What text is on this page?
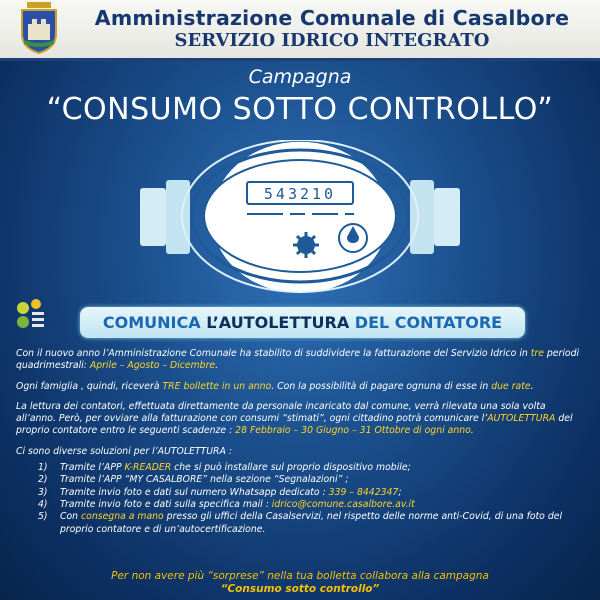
Amministrazione Comunale di Casalbore
SERVIZIO IDRICO INTEGRATO
Campagna
“CONSUMO SOTTO CONTROLLO”
543210
COMUNICA L’AUTOLETTURA DEL CONTATORE

Con il nuovo anno l’Amministrazione Comunale ha stabilito di suddividere la fatturazione del Servizio Idrico in tre periodi quadrimestrali: Aprile – Agosto – Dicembre.

Ogni famiglia , quindi, riceverà TRE bollette in un anno. Con la possibilità di pagare ognuna di esse in due rate.

La lettura dei contatori, effettuata direttamente da personale incaricato dal comune, verrà rilevata una sola volta all’anno. Però, per ovviare alla fatturazione con consumi “stimati”, ogni cittadino potrà comunicare l’AUTOLETTURA del proprio contatore entro le seguenti scadenze : 28 Febbraio – 30 Giugno – 31 Ottobre di ogni anno.

Ci sono diverse soluzioni per l’AUTOLETTURA :

1) Tramite l’APP K-READER che si può installare sul proprio dispositivo mobile;
2) Tramite l’APP “MY CASALBORE” nella sezione “Segnalazioni” ;
3) Tramite invio foto e dati sul numero Whatsapp dedicato : 339 – 8442347;
4) Tramite invio foto e dati sulla specifica mail : idrico@comune.casalbore.av.it
5) Con consegna a mano presso gli uffici della Casalservizi, nel rispetto delle norme anti-Covid, di una foto del proprio contatore e di un’autocertificazione.
Per non avere più “sorprese” nella tua bolletta collabora alla campagna
“Consumo sotto controllo”
